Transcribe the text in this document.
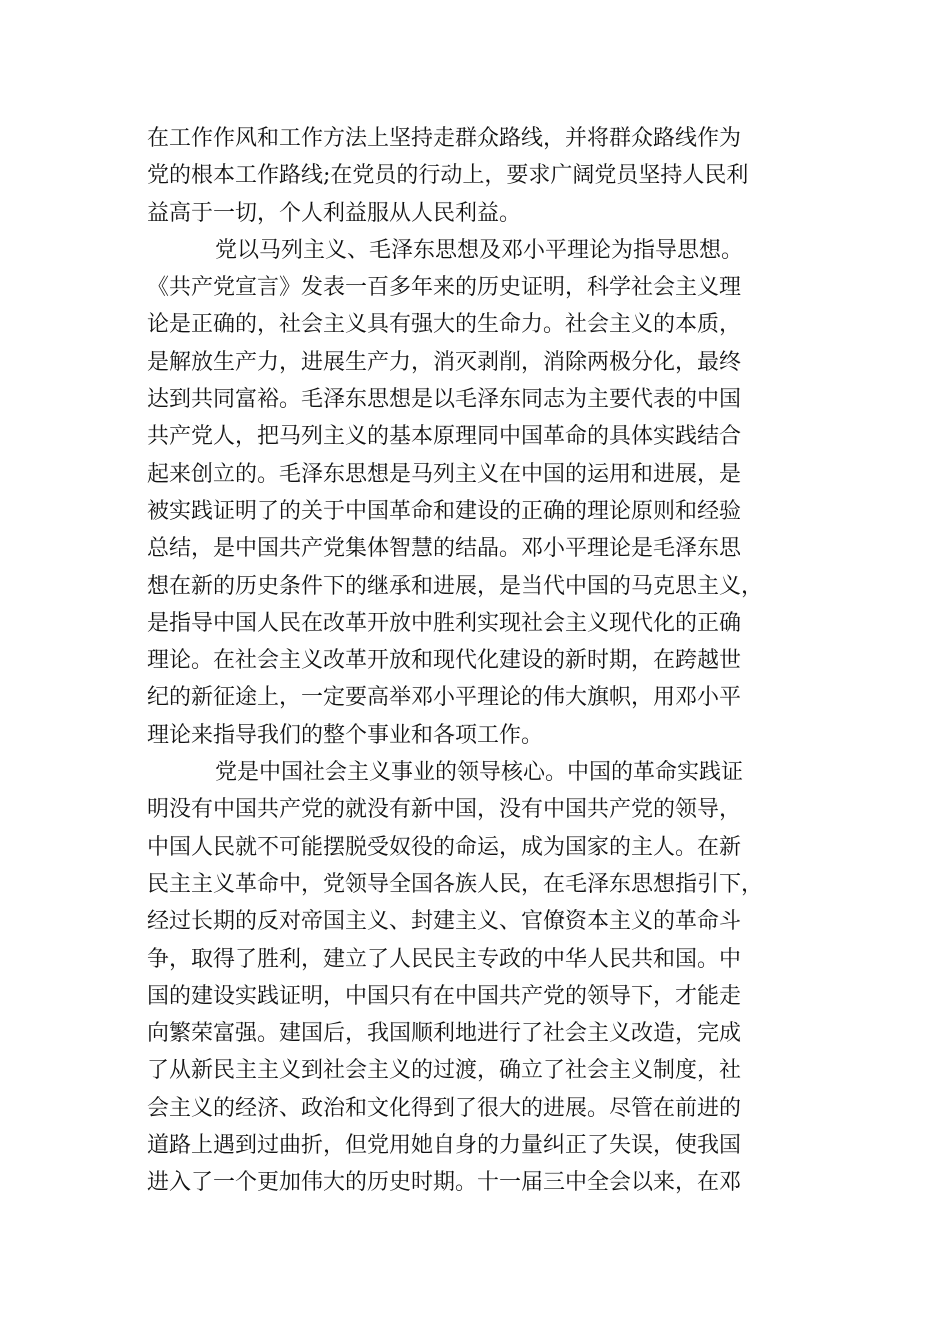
在工作作风和工作方法上坚持走群众路线，并将群众路线作为
党的根本工作路线;在党员的行动上，要求广阔党员坚持人民利
益高于一切，个人利益服从人民利益。
党以马列主义、毛泽东思想及邓小平理论为指导思想。
《共产党宣言》发表一百多年来的历史证明，科学社会主义理
论是正确的，社会主义具有强大的生命力。社会主义的本质，
是解放生产力，进展生产力，消灭剥削，消除两极分化，最终
达到共同富裕。毛泽东思想是以毛泽东同志为主要代表的中国
共产党人，把马列主义的基本原理同中国革命的具体实践结合
起来创立的。毛泽东思想是马列主义在中国的运用和进展，是
被实践证明了的关于中国革命和建设的正确的理论原则和经验
总结，是中国共产党集体智慧的结晶。邓小平理论是毛泽东思
想在新的历史条件下的继承和进展，是当代中国的马克思主义，
是指导中国人民在改革开放中胜利实现社会主义现代化的正确
理论。在社会主义改革开放和现代化建设的新时期，在跨越世
纪的新征途上，一定要高举邓小平理论的伟大旗帜，用邓小平
理论来指导我们的整个事业和各项工作。
党是中国社会主义事业的领导核心。中国的革命实践证
明没有中国共产党的就没有新中国，没有中国共产党的领导，
中国人民就不可能摆脱受奴役的命运，成为国家的主人。在新
民主主义革命中，党领导全国各族人民，在毛泽东思想指引下，
经过长期的反对帝国主义、封建主义、官僚资本主义的革命斗
争，取得了胜利，建立了人民民主专政的中华人民共和国。中
国的建设实践证明，中国只有在中国共产党的领导下，才能走
向繁荣富强。建国后，我国顺利地进行了社会主义改造，完成
了从新民主主义到社会主义的过渡，确立了社会主义制度，社
会主义的经济、政治和文化得到了很大的进展。尽管在前进的
道路上遇到过曲折，但党用她自身的力量纠正了失误，使我国
进入了一个更加伟大的历史时期。十一届三中全会以来，在邓
